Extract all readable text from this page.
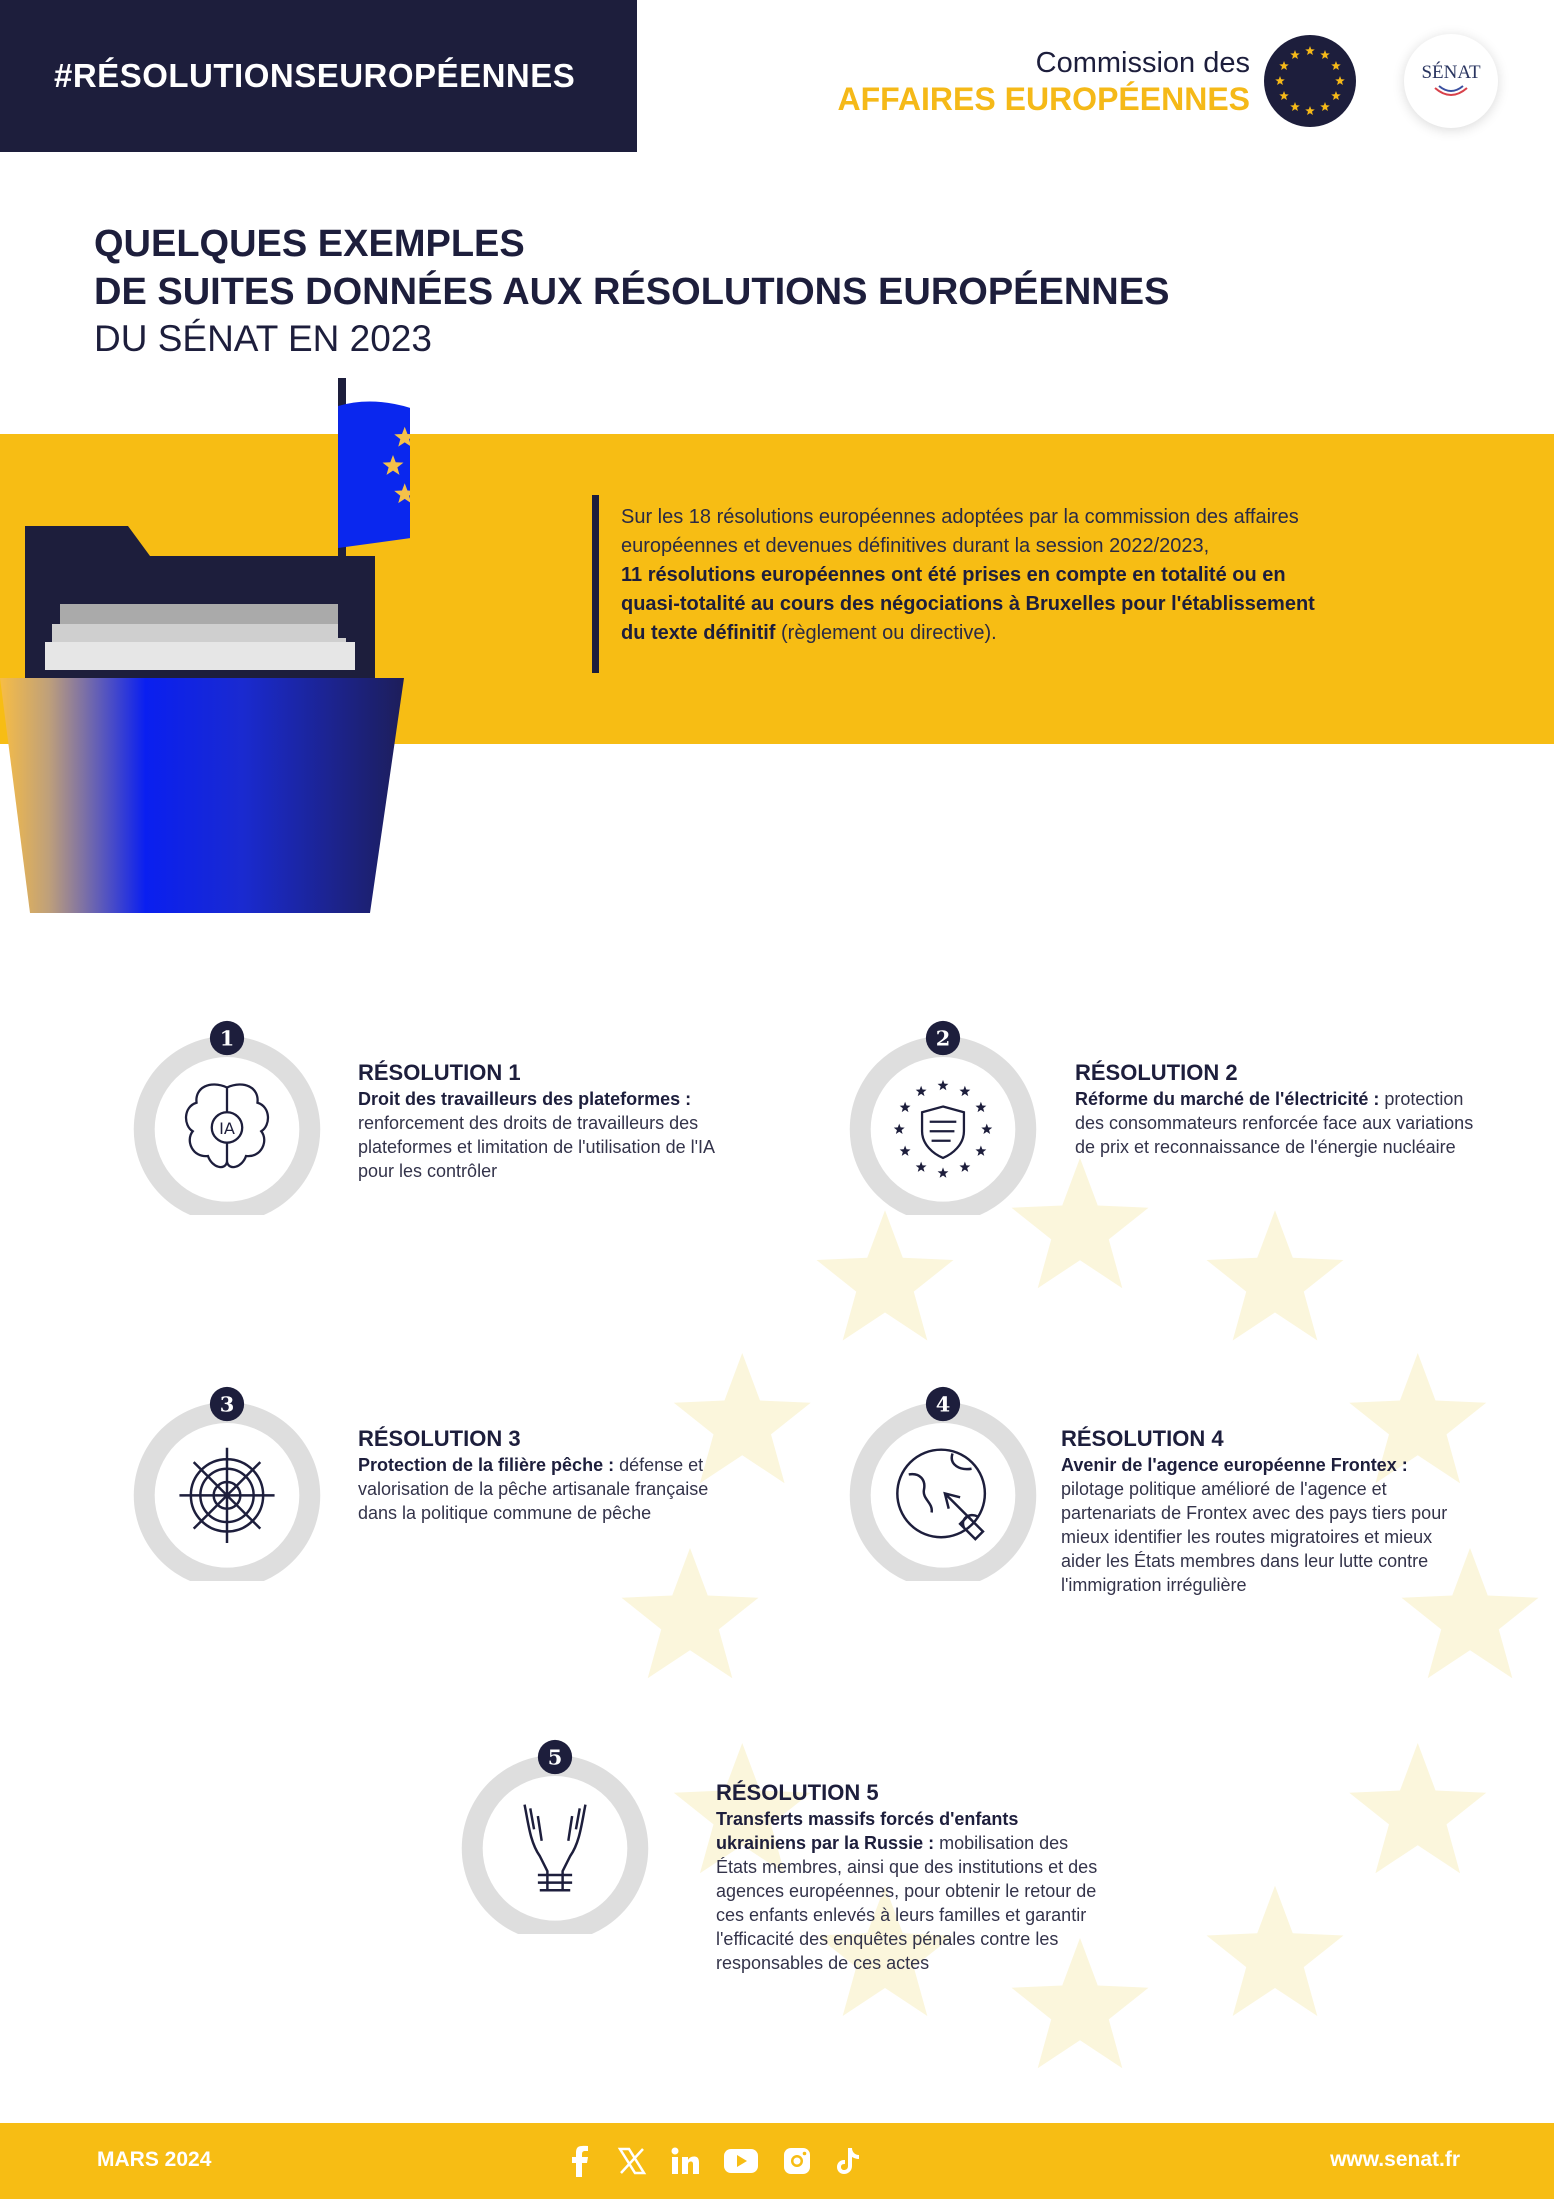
#RÉSOLUTIONSEUROPÉENNES	Commission des
AFFAIRES EUROPÉENNES
SÉNAT
QUELQUES EXEMPLES
DE SUITES DONNÉES AUX RÉSOLUTIONS EUROPÉENNES
DU SÉNAT EN 2023
Sur les 18 résolutions européennes adoptées par la commission des affaires européennes et devenues définitives durant la session 2022/2023,
11 résolutions européennes ont été prises en compte en totalité ou en quasi-totalité au cours des négociations à Bruxelles pour l'établissement du texte définitif (règlement ou directive).
1
IA
RÉSOLUTION 1
Droit des travailleurs des plateformes : renforcement des droits de travailleurs des plateformes et limitation de l'utilisation de l'IA pour les contrôler
2
RÉSOLUTION 2
Réforme du marché de l'électricité : protection des consommateurs renforcée face aux variations de prix et reconnaissance de l'énergie nucléaire
3
RÉSOLUTION 3
Protection de la filière pêche : défense et valorisation de la pêche artisanale française dans la politique commune de pêche
4
RÉSOLUTION 4
Avenir de l'agence européenne Frontex : pilotage politique amélioré de l'agence et partenariats de Frontex avec des pays tiers pour mieux identifier les routes migratoires et mieux aider les États membres dans leur lutte contre l'immigration irrégulière
5
RÉSOLUTION 5
Transferts massifs forcés d'enfants ukrainiens par la Russie : mobilisation des États membres, ainsi que des institutions et des agences européennes, pour obtenir le retour de ces enfants enlevés à leurs familles et garantir l'efficacité des enquêtes pénales contre les responsables de ces actes
MARS 2024	www.senat.fr
